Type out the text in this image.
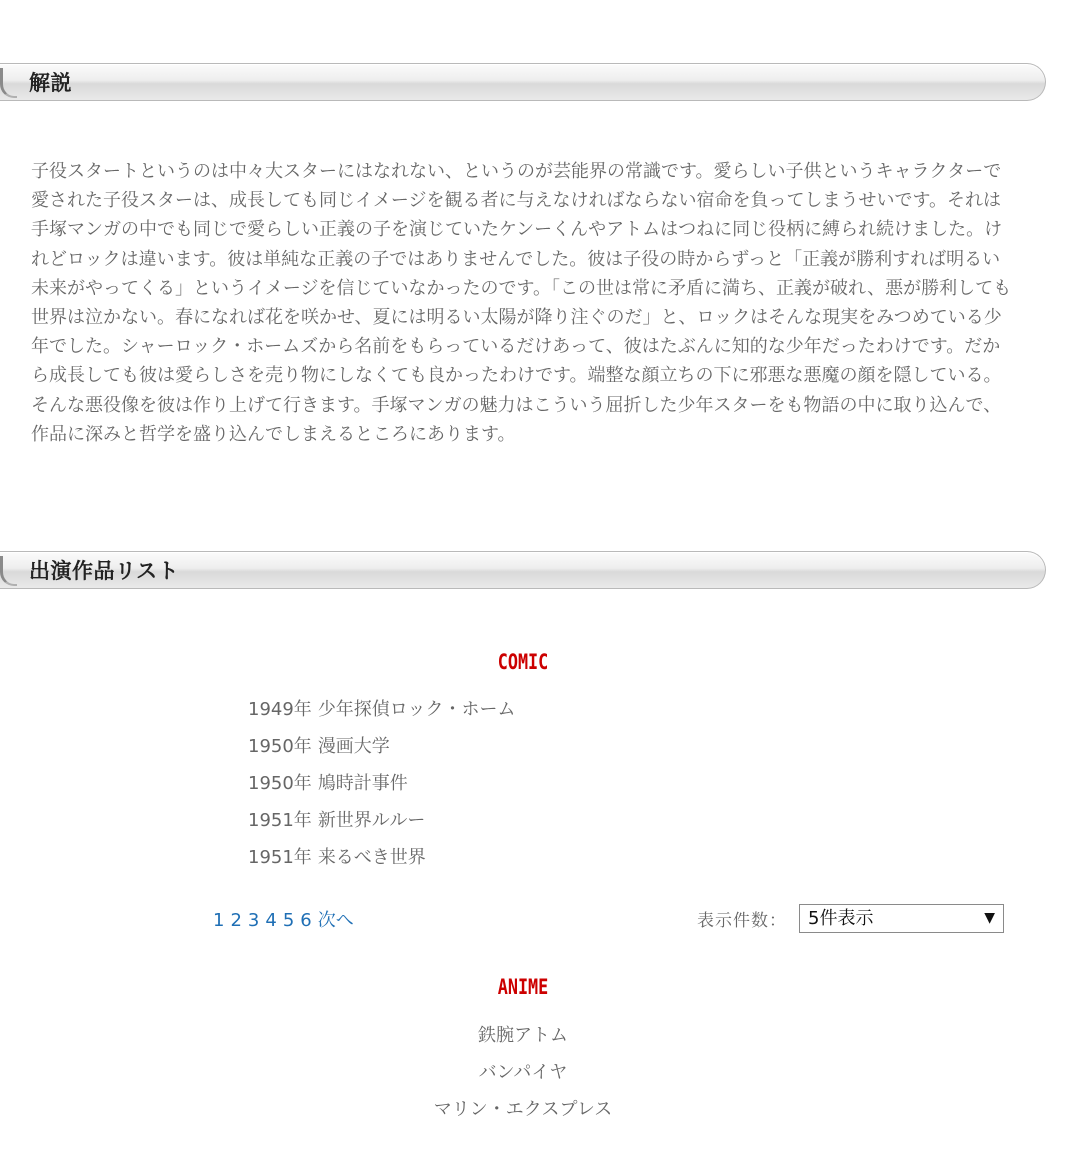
解説

子役スタートというのは中々大スターにはなれない、というのが芸能界の常識です。愛らしい子供というキャラクターで愛された子役スターは、成長しても同じイメージを観る者に与えなければならない宿命を負ってしまうせいです。それは手塚マンガの中でも同じで愛らしい正義の子を演じていたケンーくんやアトムはつねに同じ役柄に縛られ続けました。けれどロックは違います。彼は単純な正義の子ではありませんでした。彼は子役の時からずっと「正義が勝利すれば明るい未来がやってくる」というイメージを信じていなかったのです。「この世は常に矛盾に満ち、正義が破れ、悪が勝利しても世界は泣かない。春になれば花を咲かせ、夏には明るい太陽が降り注ぐのだ」と、ロックはそんな現実をみつめている少年でした。シャーロック・ホームズから名前をもらっているだけあって、彼はたぶんに知的な少年だったわけです。だから成長しても彼は愛らしさを売り物にしなくても良かったわけです。端整な顔立ちの下に邪悪な悪魔の顔を隠している。そんな悪役像を彼は作り上げて行きます。手塚マンガの魅力はこういう屈折した少年スターをも物語の中に取り込んで、作品に深みと哲学を盛り込んでしまえるところにあります。

出演作品リスト
COMIC
1949年 少年探偵ロック・ホーム
1950年 漫画大学
1950年 鳩時計事件
1951年 新世界ルルー
1951年 来るべき世界
1 2 3 4 5 6 次へ	表示件数：	5件表示	▼
ANIME
鉄腕アトム
バンパイヤ
マリン・エクスプレス
